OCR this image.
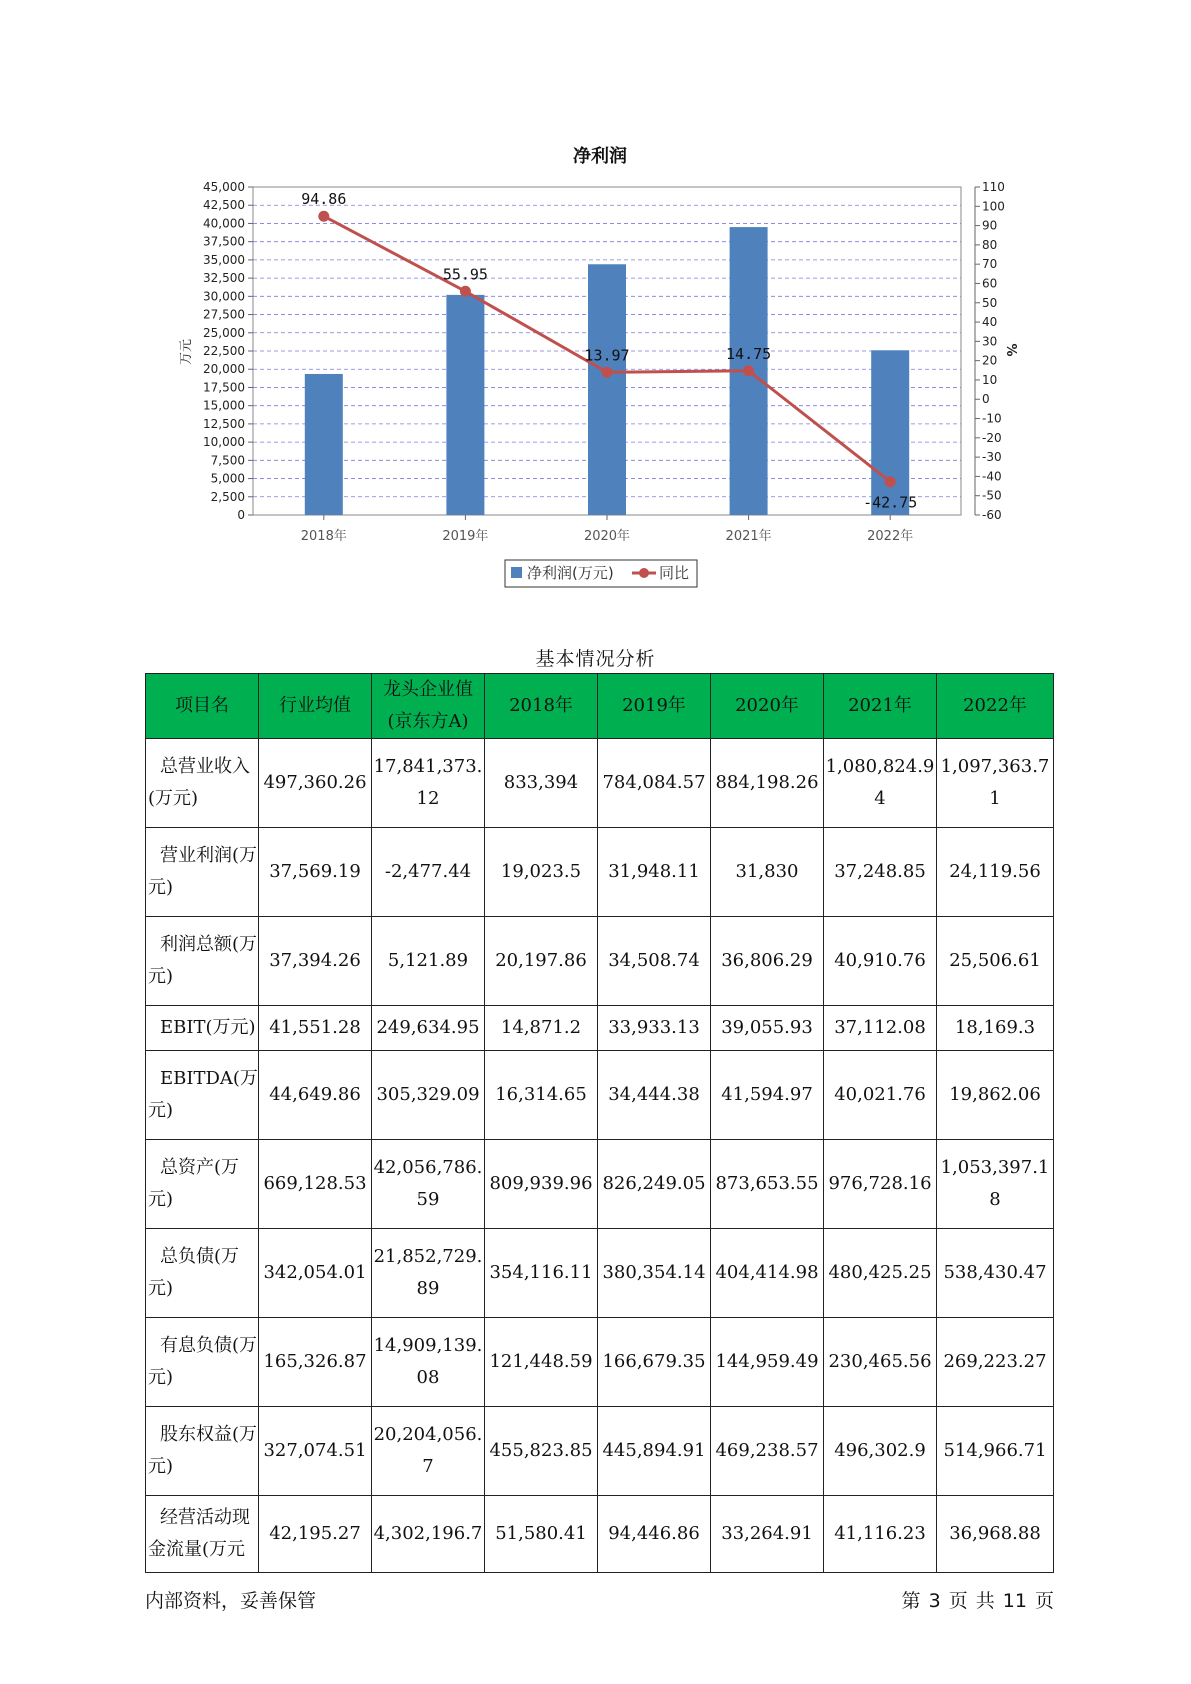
净利润
94.86
55.95
13.97	14.75
-42.75
45,000
42,500
40,000
37,500
35,000
32,500
30,000
27,500
25,000
22,500
20,000
17,500
15,000
12,500
10,000
7,500
5,000
2,500
0
110
100
90
80
70
60
50
40
30
20
10
0
-10
-20
-30
-40
-50
-60
2018年	2019年	2020年	2021年	2022年
万元	%
净利润(万元)	同比
基本情况分析
项目名	行业均值	龙头企业值(京东方A)	2018年	2019年	2020年	2021年	2022年
总营业收入(万元)	497,360.26	17,841,373.12	833,394	784,084.57	884,198.26	1,080,824.94	1,097,363.71
营业利润(万元)	37,569.19	-2,477.44	19,023.5	31,948.11	31,830	37,248.85	24,119.56
利润总额(万元)	37,394.26	5,121.89	20,197.86	34,508.74	36,806.29	40,910.76	25,506.61
EBIT(万元)	41,551.28	249,634.95	14,871.2	33,933.13	39,055.93	37,112.08	18,169.3
EBITDA(万元)	44,649.86	305,329.09	16,314.65	34,444.38	41,594.97	40,021.76	19,862.06
总资产(万元)	669,128.53	42,056,786.59	809,939.96	826,249.05	873,653.55	976,728.16	1,053,397.18
总负债(万元)	342,054.01	21,852,729.89	354,116.11	380,354.14	404,414.98	480,425.25	538,430.47
有息负债(万元)	165,326.87	14,909,139.08	121,448.59	166,679.35	144,959.49	230,465.56	269,223.27
股东权益(万元)	327,074.51	20,204,056.7	455,823.85	445,894.91	469,238.57	496,302.9	514,966.71
经营活动现金流量(万元	42,195.27	4,302,196.7	51,580.41	94,446.86	33,264.91	41,116.23	36,968.88
内部资料，妥善保管	第 3 页 共 11 页
